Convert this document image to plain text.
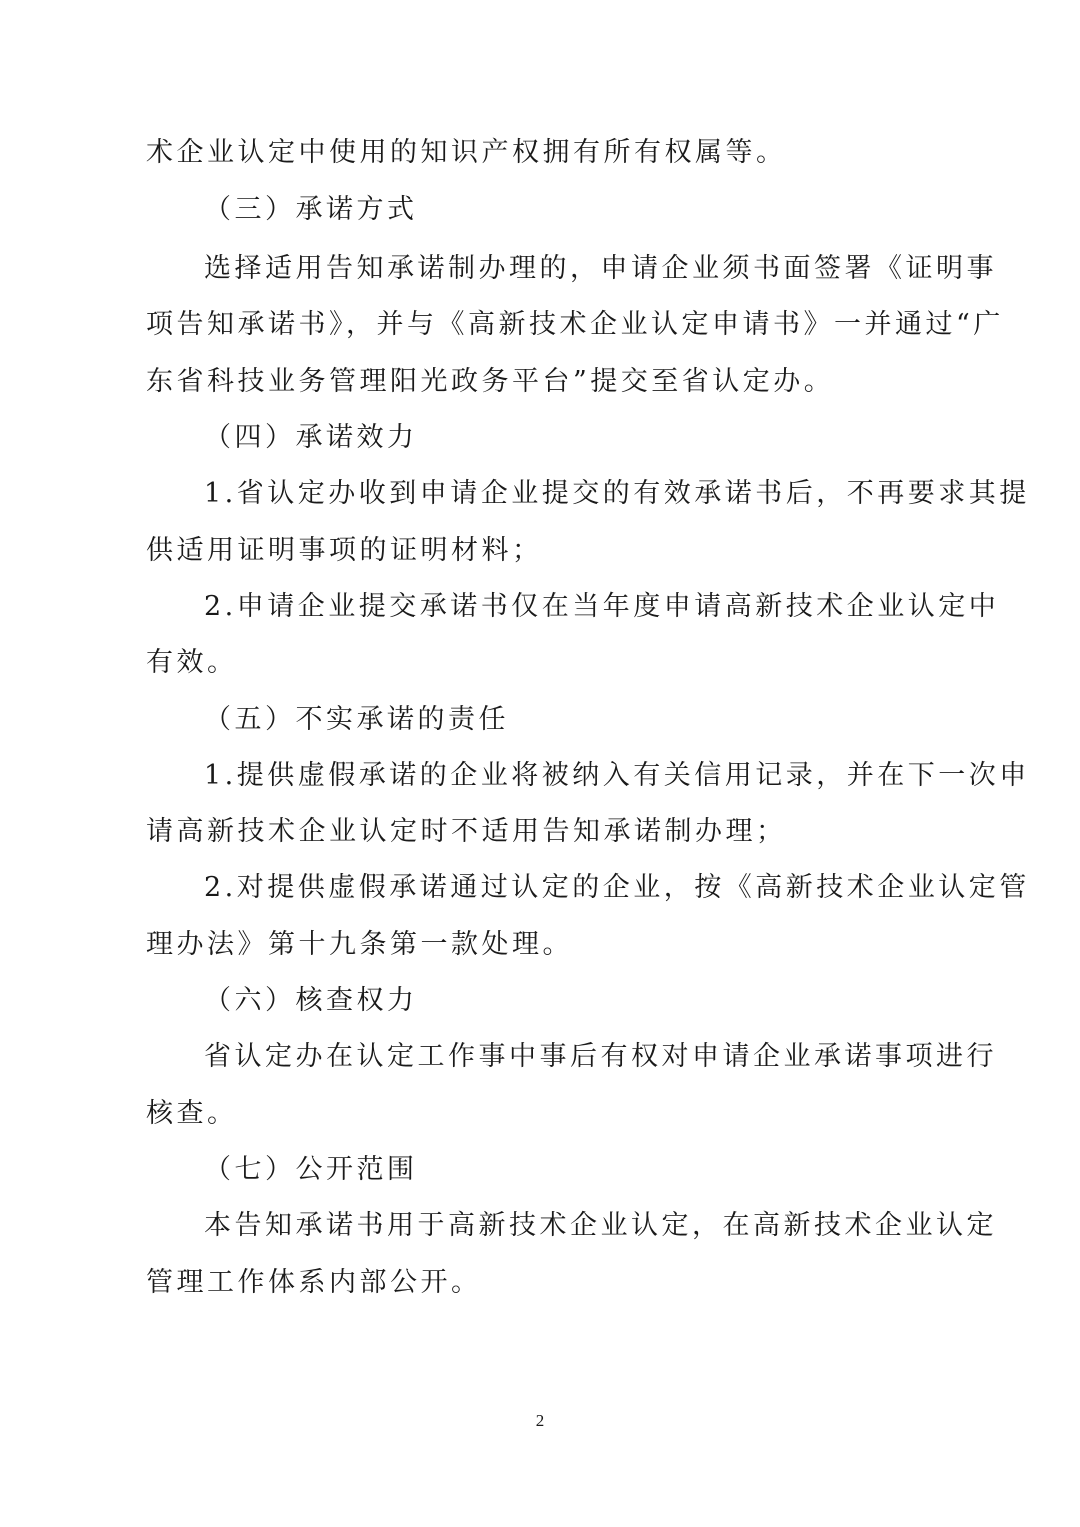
术企业认定中使用的知识产权拥有所有权属等。
（三）承诺方式
选择适用告知承诺制办理的，申请企业须书面签署《证明事
项告知承诺书》，并与《高新技术企业认定申请书》一并通过“广
东省科技业务管理阳光政务平台”提交至省认定办。
（四）承诺效力
1.省认定办收到申请企业提交的有效承诺书后，不再要求其提
供适用证明事项的证明材料；
2.申请企业提交承诺书仅在当年度申请高新技术企业认定中
有效。
（五）不实承诺的责任
1.提供虚假承诺的企业将被纳入有关信用记录，并在下一次申
请高新技术企业认定时不适用告知承诺制办理；
2.对提供虚假承诺通过认定的企业，按《高新技术企业认定管
理办法》第十九条第一款处理。
（六）核查权力
省认定办在认定工作事中事后有权对申请企业承诺事项进行
核查。
（七）公开范围
本告知承诺书用于高新技术企业认定，在高新技术企业认定
管理工作体系内部公开。
2
